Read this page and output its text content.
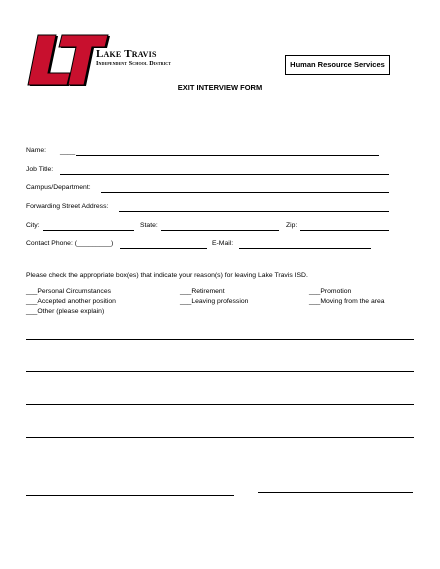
Lake Travis
Independent School District	Human Resource Services
EXIT INTERVIEW FORM
Name: ____
Job Title:
Campus/Department:
Forwarding Street Address:
City:	State:	Zip:
Contact Phone: (_________)	E-Mail:
Please check the appropriate box(es) that indicate your reason(s) for leaving Lake Travis ISD.
___Personal Circumstances	___Retirement	___Promotion
___Accepted another position	___Leaving profession	___Moving from the area
___Other (please explain)
